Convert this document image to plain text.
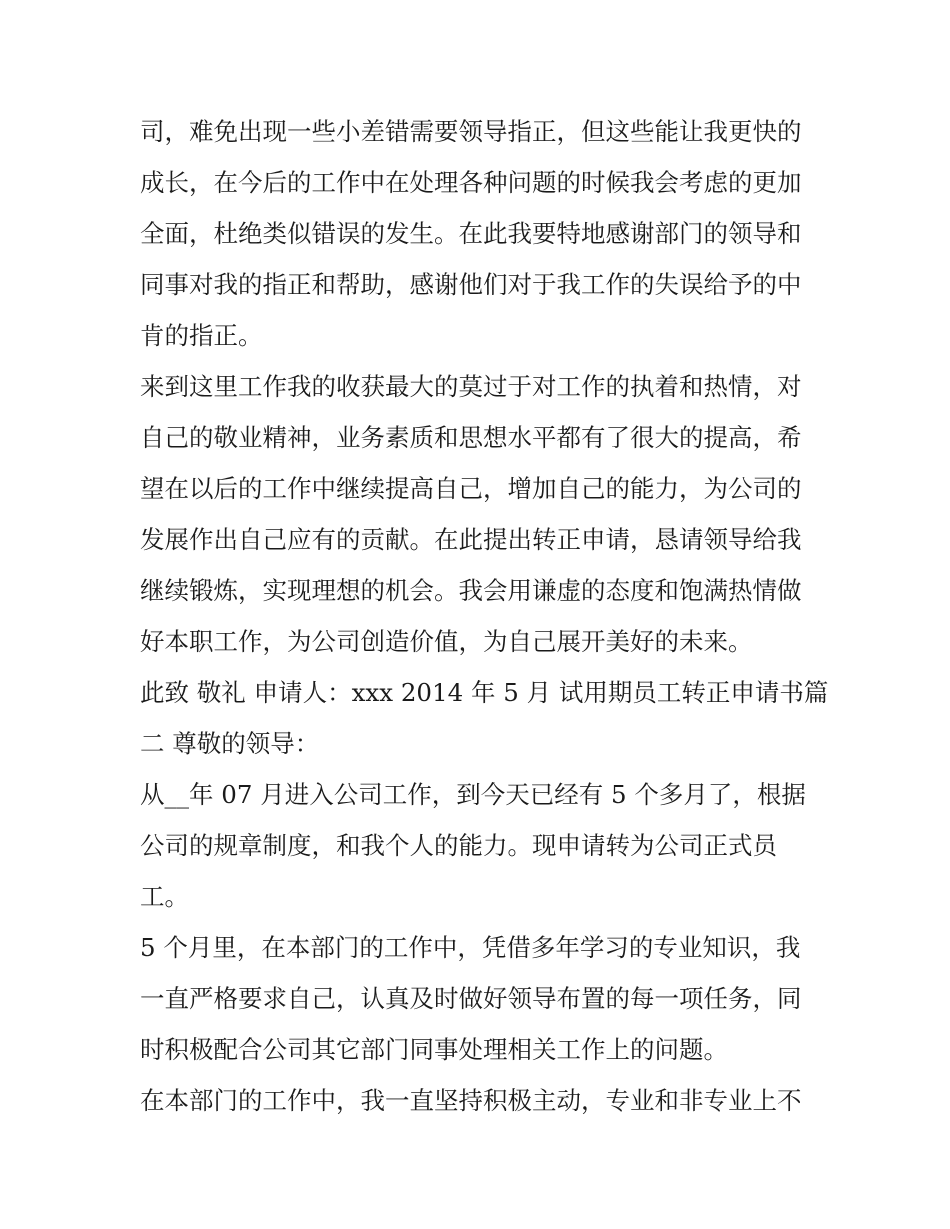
司，难免出现一些小差错需要领导指正，但这些能让我更快的
成长，在今后的工作中在处理各种问题的时候我会考虑的更加
全面，杜绝类似错误的发生。在此我要特地感谢部门的领导和
同事对我的指正和帮助，感谢他们对于我工作的失误给予的中
肯的指正。
来到这里工作我的收获最大的莫过于对工作的执着和热情，对
自己的敬业精神，业务素质和思想水平都有了很大的提高，希
望在以后的工作中继续提高自己，增加自己的能力，为公司的
发展作出自己应有的贡献。在此提出转正申请，恳请领导给我
继续锻炼，实现理想的机会。我会用谦虚的态度和饱满热情做
好本职工作，为公司创造价值，为自己展开美好的未来。
此致 敬礼 申请人：xxx 2014 年 5 月 试用期员工转正申请书篇
二 尊敬的领导：
从__年 07 月进入公司工作，到今天已经有 5 个多月了，根据
公司的规章制度，和我个人的能力。现申请转为公司正式员
工。
5 个月里，在本部门的工作中，凭借多年学习的专业知识，我
一直严格要求自己，认真及时做好领导布置的每一项任务，同
时积极配合公司其它部门同事处理相关工作上的问题。
在本部门的工作中，我一直坚持积极主动，专业和非专业上不
